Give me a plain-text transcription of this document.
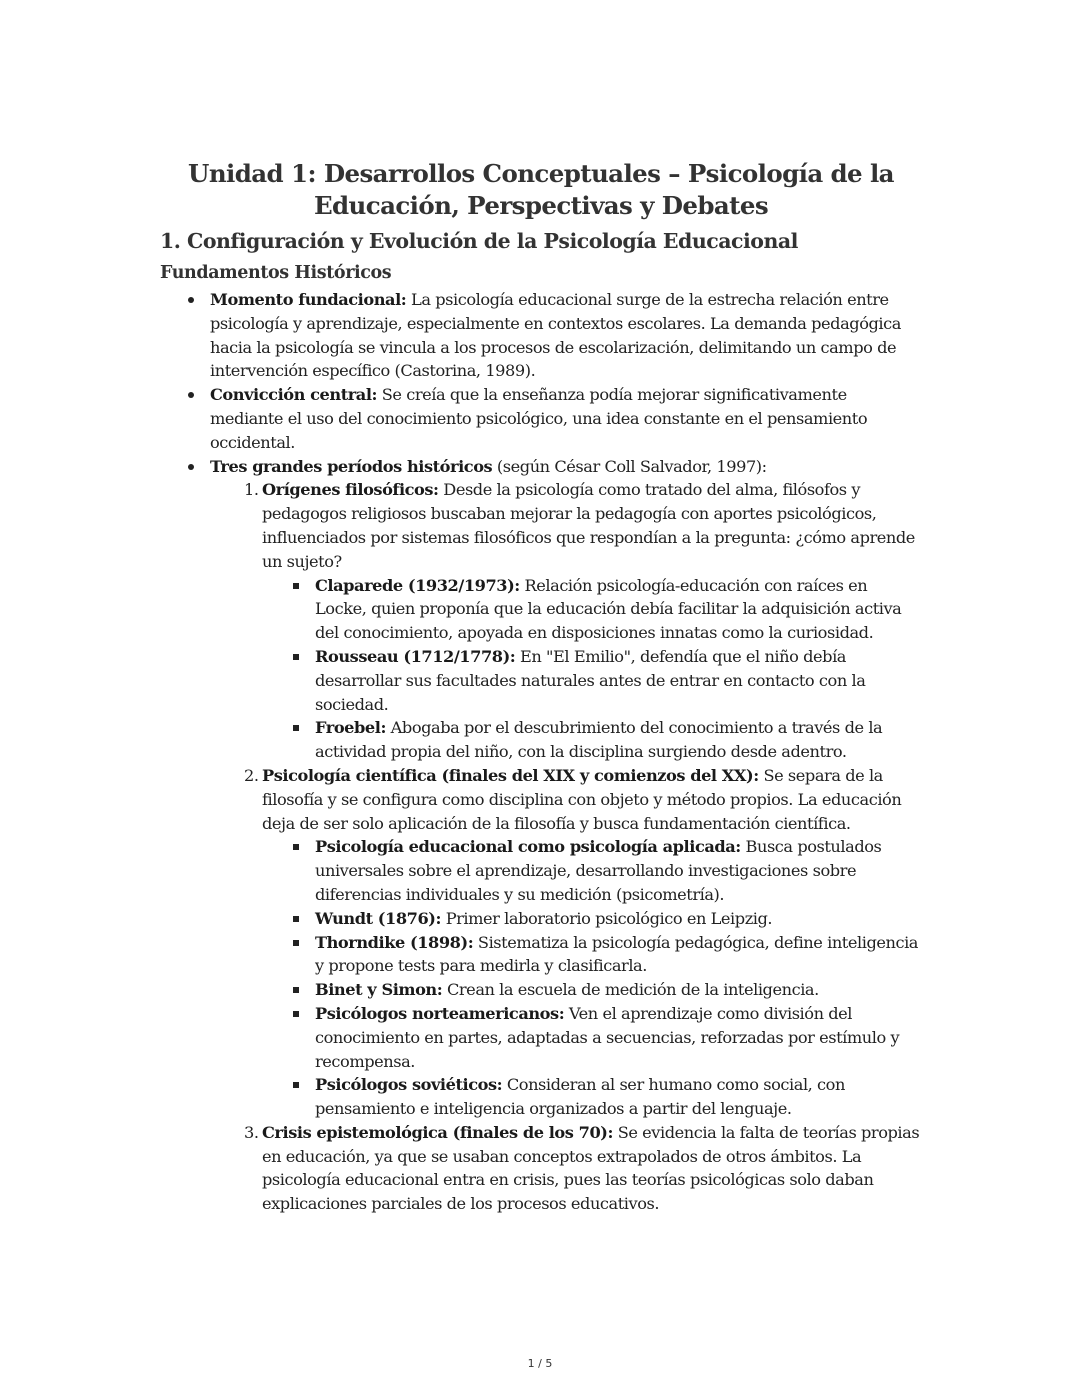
Unidad 1: Desarrollos Conceptuales – Psicología de la Educación, Perspectivas y Debates
1. Configuración y Evolución de la Psicología Educacional
Fundamentos Históricos
Momento fundacional: La psicología educacional surge de la estrecha relación entre psicología y aprendizaje, especialmente en contextos escolares. La demanda pedagógica hacia la psicología se vincula a los procesos de escolarización, delimitando un campo de intervención específico (Castorina, 1989).
Convicción central: Se creía que la enseñanza podía mejorar significativamente mediante el uso del conocimiento psicológico, una idea constante en el pensamiento occidental.
Tres grandes períodos históricos (según César Coll Salvador, 1997):
1. Orígenes filosóficos: Desde la psicología como tratado del alma, filósofos y pedagogos religiosos buscaban mejorar la pedagogía con aportes psicológicos, influenciados por sistemas filosóficos que respondían a la pregunta: ¿cómo aprende un sujeto?
Claparede (1932/1973): Relación psicología-educación con raíces en Locke, quien proponía que la educación debía facilitar la adquisición activa del conocimiento, apoyada en disposiciones innatas como la curiosidad.
Rousseau (1712/1778): En "El Emilio", defendía que el niño debía desarrollar sus facultades naturales antes de entrar en contacto con la sociedad.
Froebel: Abogaba por el descubrimiento del conocimiento a través de la actividad propia del niño, con la disciplina surgiendo desde adentro.
2. Psicología científica (finales del XIX y comienzos del XX): Se separa de la filosofía y se configura como disciplina con objeto y método propios. La educación deja de ser solo aplicación de la filosofía y busca fundamentación científica.
Psicología educacional como psicología aplicada: Busca postulados universales sobre el aprendizaje, desarrollando investigaciones sobre diferencias individuales y su medición (psicometría).
Wundt (1876): Primer laboratorio psicológico en Leipzig.
Thorndike (1898): Sistematiza la psicología pedagógica, define inteligencia y propone tests para medirla y clasificarla.
Binet y Simon: Crean la escuela de medición de la inteligencia.
Psicólogos norteamericanos: Ven el aprendizaje como división del conocimiento en partes, adaptadas a secuencias, reforzadas por estímulo y recompensa.
Psicólogos soviéticos: Consideran al ser humano como social, con pensamiento e inteligencia organizados a partir del lenguaje.
3. Crisis epistemológica (finales de los 70): Se evidencia la falta de teorías propias en educación, ya que se usaban conceptos extrapolados de otros ámbitos. La psicología educacional entra en crisis, pues las teorías psicológicas solo daban explicaciones parciales de los procesos educativos.
1 / 5
